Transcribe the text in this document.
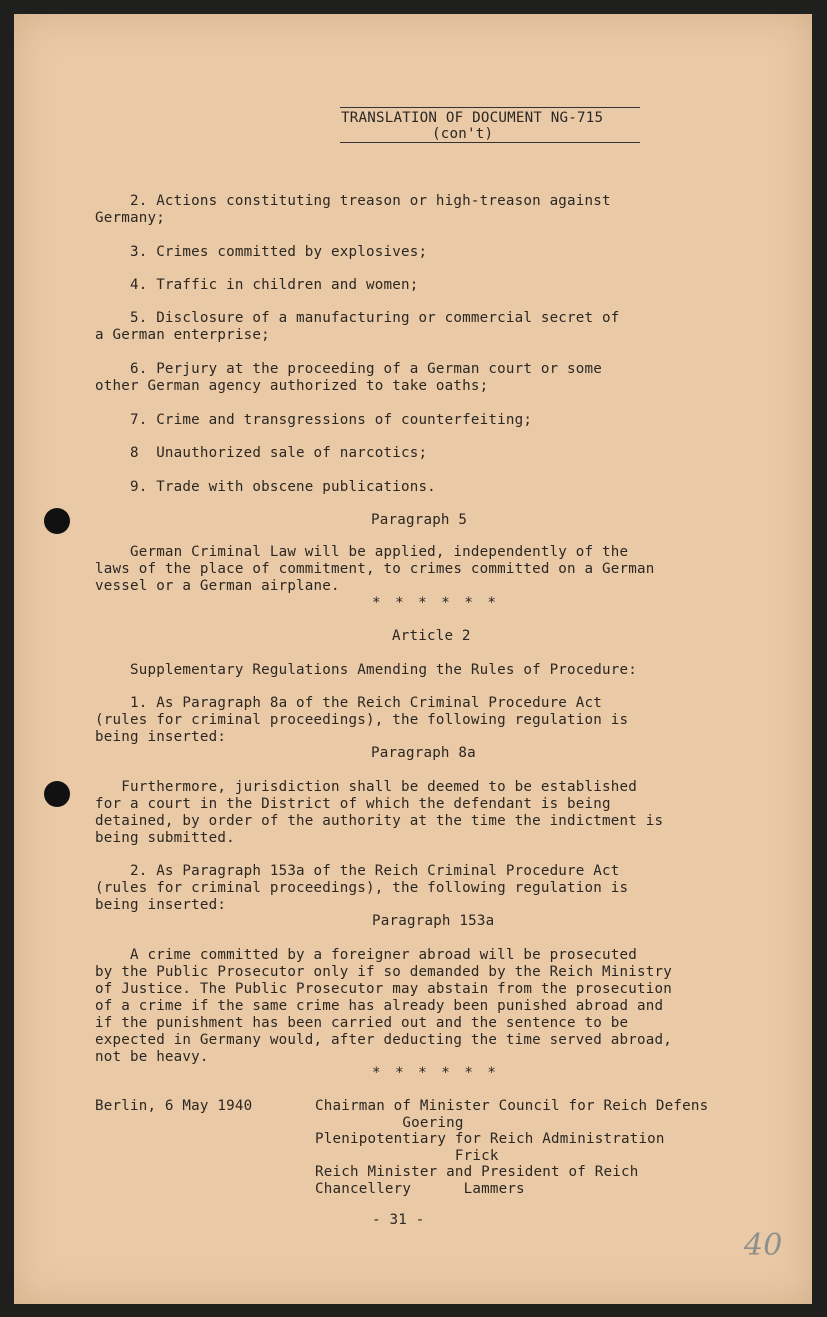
TRANSLATION OF DOCUMENT NG-715
(con't)
2. Actions constituting treason or high-treason against
Germany;
3. Crimes committed by explosives;
4. Traffic in children and women;
5. Disclosure of a manufacturing or commercial secret of
a German enterprise;
6. Perjury at the proceeding of a German court or some
other German agency authorized to take oaths;
7. Crime and transgressions of counterfeiting;
8  Unauthorized sale of narcotics;
9. Trade with obscene publications.
Paragraph 5
German Criminal Law will be applied, independently of the
laws of the place of commitment, to crimes committed on a German
vessel or a German airplane.
* * * * * *
Article 2
Supplementary Regulations Amending the Rules of Procedure:
1. As Paragraph 8a of the Reich Criminal Procedure Act
(rules for criminal proceedings), the following regulation is
being inserted:
Paragraph 8a
Furthermore, jurisdiction shall be deemed to be established
for a court in the District of which the defendant is being
detained, by order of the authority at the time the indictment is
being submitted.
2. As Paragraph 153a of the Reich Criminal Procedure Act
(rules for criminal proceedings), the following regulation is
being inserted:
Paragraph 153a
A crime committed by a foreigner abroad will be prosecuted
by the Public Prosecutor only if so demanded by the Reich Ministry
of Justice. The Public Prosecutor may abstain from the prosecution
of a crime if the same crime has already been punished abroad and
if the punishment has been carried out and the sentence to be
expected in Germany would, after deducting the time served abroad,
not be heavy.
* * * * * *
Berlin, 6 May 1940	Chairman of Minister Council for Reich Defens
Goering
Plenipotentiary for Reich Administration
Frick
Reich Minister and President of Reich
Chancellery      Lammers
- 31 -
40
